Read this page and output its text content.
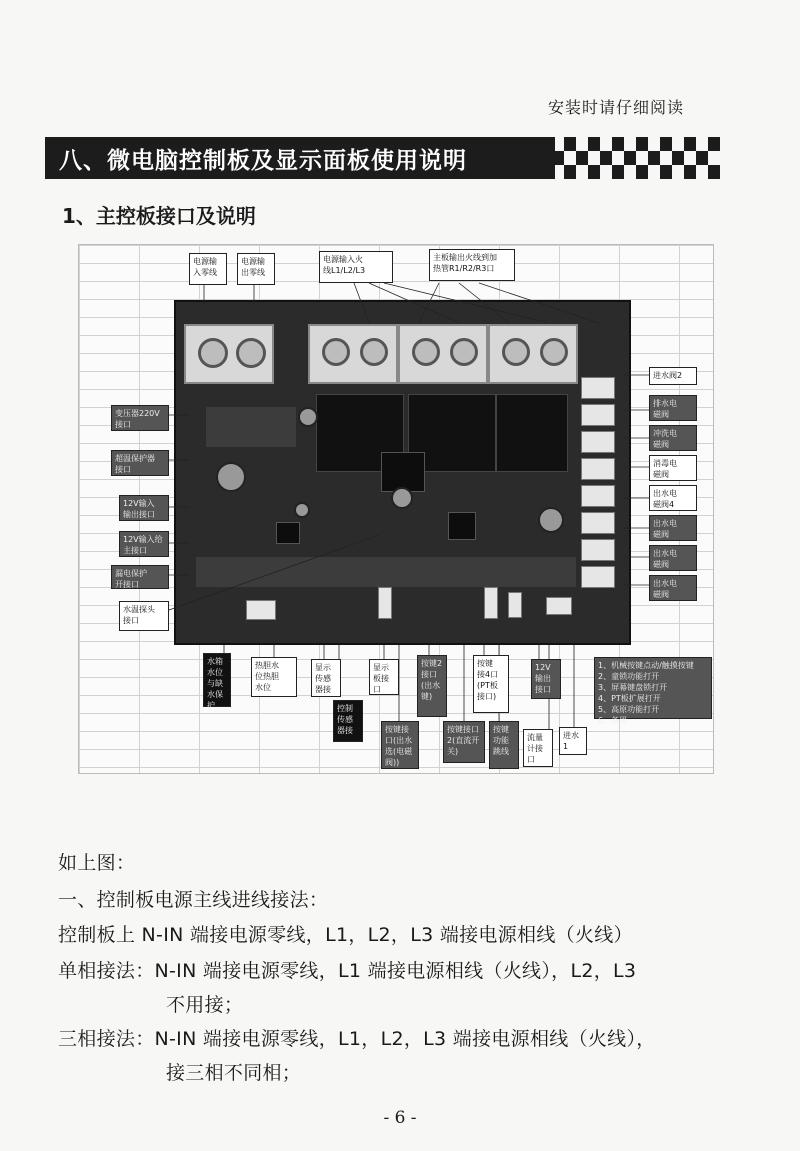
安装时请仔细阅读
八、微电脑控制板及显示面板使用说明
1、主控板接口及说明
电源输
入零线
电源输
出零线
电源输入火
线L1/L2/L3
主板输出火线到加
热管R1/R2/R3口
变压器220V
接口
超温保护器
接口
12V输入
输出接口
12V输入给
主接口
漏电保护
开接口
水温探头
接口
进水阀2
排水电
磁阀
冲洗电
磁阀
消毒电
磁阀
出水电
磁阀4
出水电
磁阀
出水电
磁阀
出水电
磁阀
水箱
水位
与缺
水保
护
热胆水
位热胆
水位
显示
传感
器接
控制
传感
器接
显示
板接
口
按键2
接口
(出水
键)
按键接
口(出水
选(电磁
阀))
按键
接4口
(PT板
接口)
按键接口
2(直流开
关)
按键
功能
跳线
12V
输出
接口
流量
计接
口
进水
1
1、机械按键点动/触摸按键
2、童锁功能打开
3、屏幕键盘锁打开
4、PT板扩展打开
5、高原功能打开
6、备用
如上图：
一、控制板电源主线进线接法：
控制板上 N-IN 端接电源零线，L1，L2，L3 端接电源相线（火线）
单相接法：N-IN 端接电源零线，L1 端接电源相线（火线），L2，L3
不用接；
三相接法：N-IN 端接电源零线，L1，L2，L3 端接电源相线（火线），
接三相不同相；
- 6 -
